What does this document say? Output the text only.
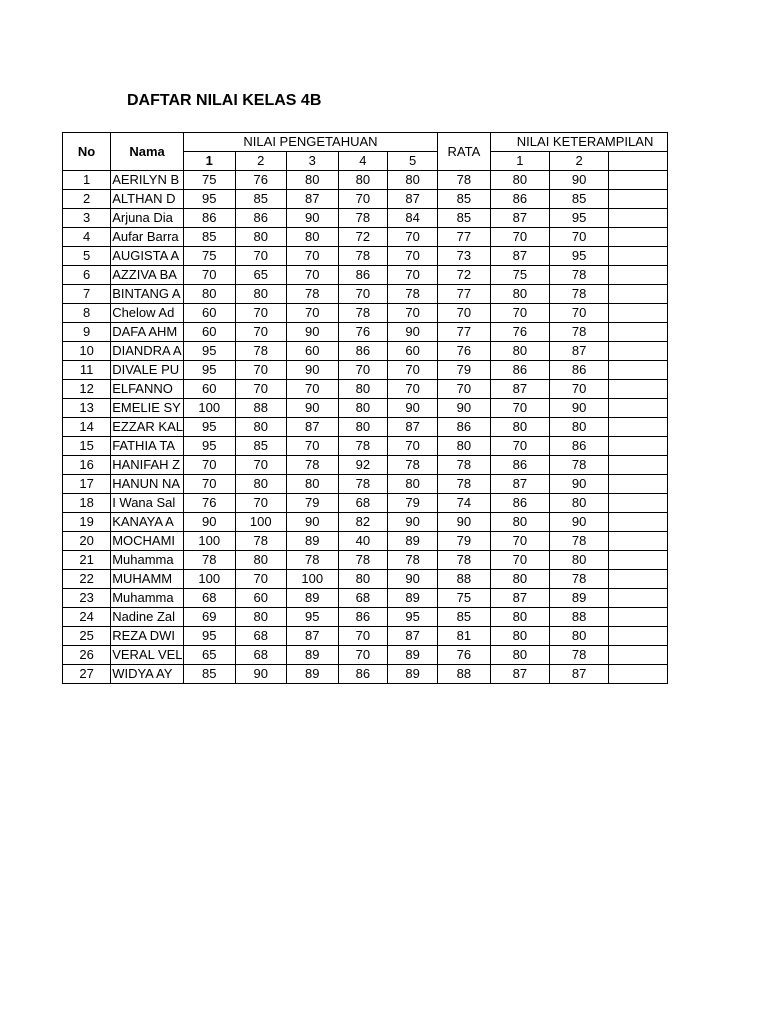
DAFTAR NILAI KELAS 4B
No	Nama	NILAI PENGETAHUAN					RATA	NILAI KETERAMPILAN		
		1	2	3	4	5		1	2	
1	AERILYN B	75	76	80	80	80	78	80	90	
2	ALTHAN D	95	85	87	70	87	85	86	85	
3	Arjuna Dia	86	86	90	78	84	85	87	95	
4	Aufar Barra	85	80	80	72	70	77	70	70	
5	AUGISTA A	75	70	70	78	70	73	87	95	
6	AZZIVA BA	70	65	70	86	70	72	75	78	
7	BINTANG A	80	80	78	70	78	77	80	78	
8	Chelow Ad	60	70	70	78	70	70	70	70	
9	DAFA AHM	60	70	90	76	90	77	76	78	
10	DIANDRA A	95	78	60	86	60	76	80	87	
11	DIVALE PU	95	70	90	70	70	79	86	86	
12	ELFANNO	60	70	70	80	70	70	87	70	
13	EMELIE SY	100	88	90	80	90	90	70	90	
14	EZZAR KAL	95	80	87	80	87	86	80	80	
15	FATHIA TA	95	85	70	78	70	80	70	86	
16	HANIFAH Z	70	70	78	92	78	78	86	78	
17	HANUN NA	70	80	80	78	80	78	87	90	
18	I Wana Sal	76	70	79	68	79	74	86	80	
19	KANAYA A	90	100	90	82	90	90	80	90	
20	MOCHAMI	100	78	89	40	89	79	70	78	
21	Muhamma	78	80	78	78	78	78	70	80	
22	MUHAMM	100	70	100	80	90	88	80	78	
23	Muhamma	68	60	89	68	89	75	87	89	
24	Nadine Zal	69	80	95	86	95	85	80	88	
25	REZA DWI	95	68	87	70	87	81	80	80	
26	VERAL VEL	65	68	89	70	89	76	80	78	
27	WIDYA AY	85	90	89	86	89	88	87	87	
